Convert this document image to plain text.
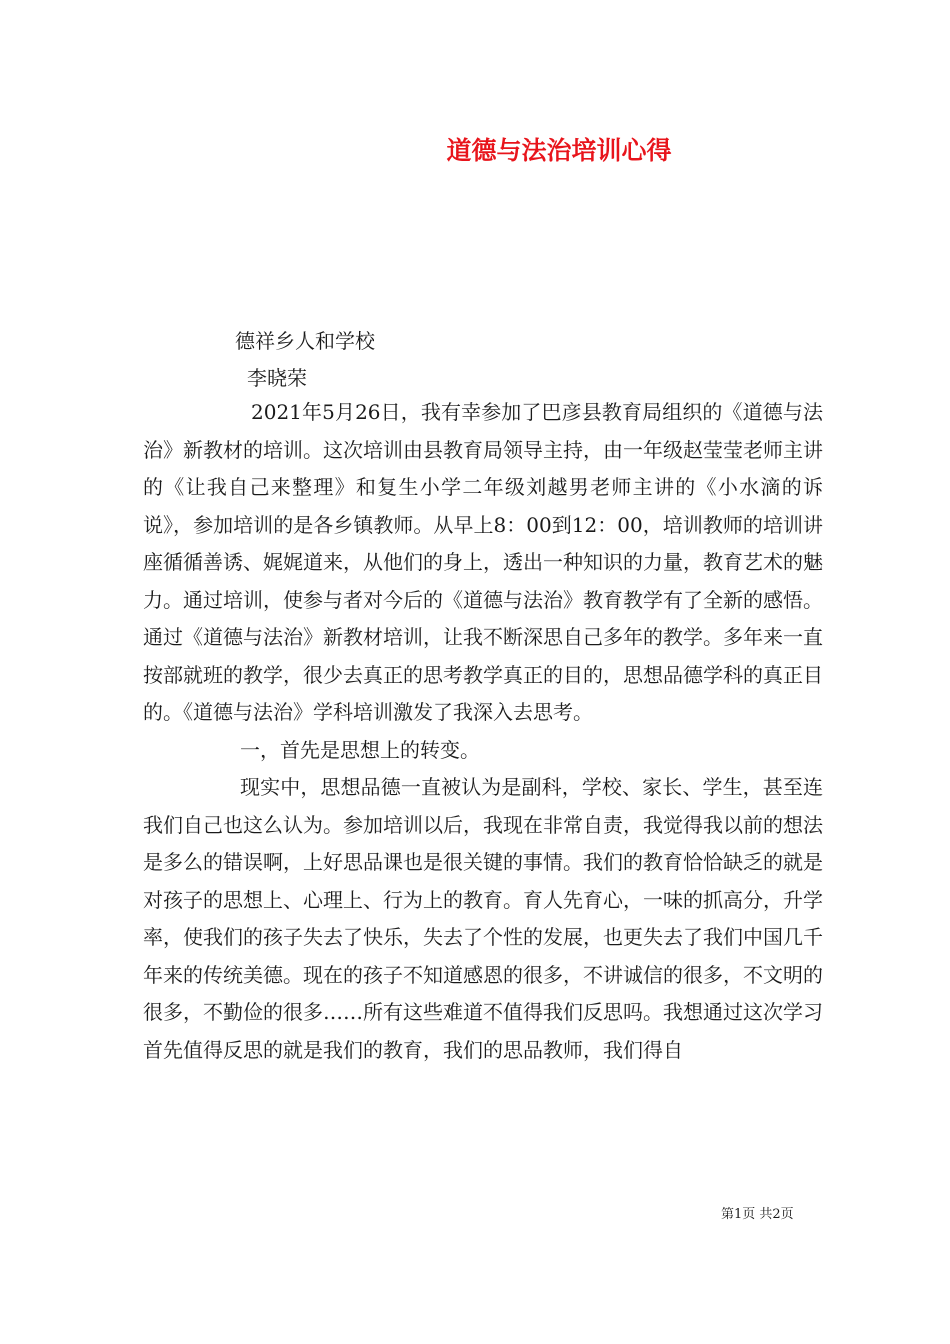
道德与法治培训心得
德祥乡人和学校
李晓荣

2021年5月26日，我有幸参加了巴彦县教育局组织的《道德与法治》新教材的培训。这次培训由县教育局领导主持，由一年级赵莹莹老师主讲的《让我自己来整理》和复生小学二年级刘越男老师主讲的《小水滴的诉说》，参加培训的是各乡镇教师。从早上8：00到12：00，培训教师的培训讲座循循善诱、娓娓道来，从他们的身上，透出一种知识的力量，教育艺术的魅力。通过培训，使参与者对今后的《道德与法治》教育教学有了全新的感悟。通过《道德与法治》新教材培训，让我不断深思自己多年的教学。多年来一直按部就班的教学，很少去真正的思考教学真正的目的，思想品德学科的真正目的。《道德与法治》学科培训激发了我深入去思考。

一，首先是思想上的转变。

现实中，思想品德一直被认为是副科，学校、家长、学生，甚至连我们自己也这么认为。参加培训以后，我现在非常自责，我觉得我以前的想法是多么的错误啊，上好思品课也是很关键的事情。我们的教育恰恰缺乏的就是对孩子的思想上、心理上、行为上的教育。育人先育心，一味的抓高分，升学率，使我们的孩子失去了快乐，失去了个性的发展，也更失去了我们中国几千年来的传统美德。现在的孩子不知道感恩的很多，不讲诚信的很多，不文明的很多，不勤俭的很多……所有这些难道不值得我们反思吗。我想通过这次学习首先值得反思的就是我们的教育，我们的思品教师，我们得自

第1页 共2页
